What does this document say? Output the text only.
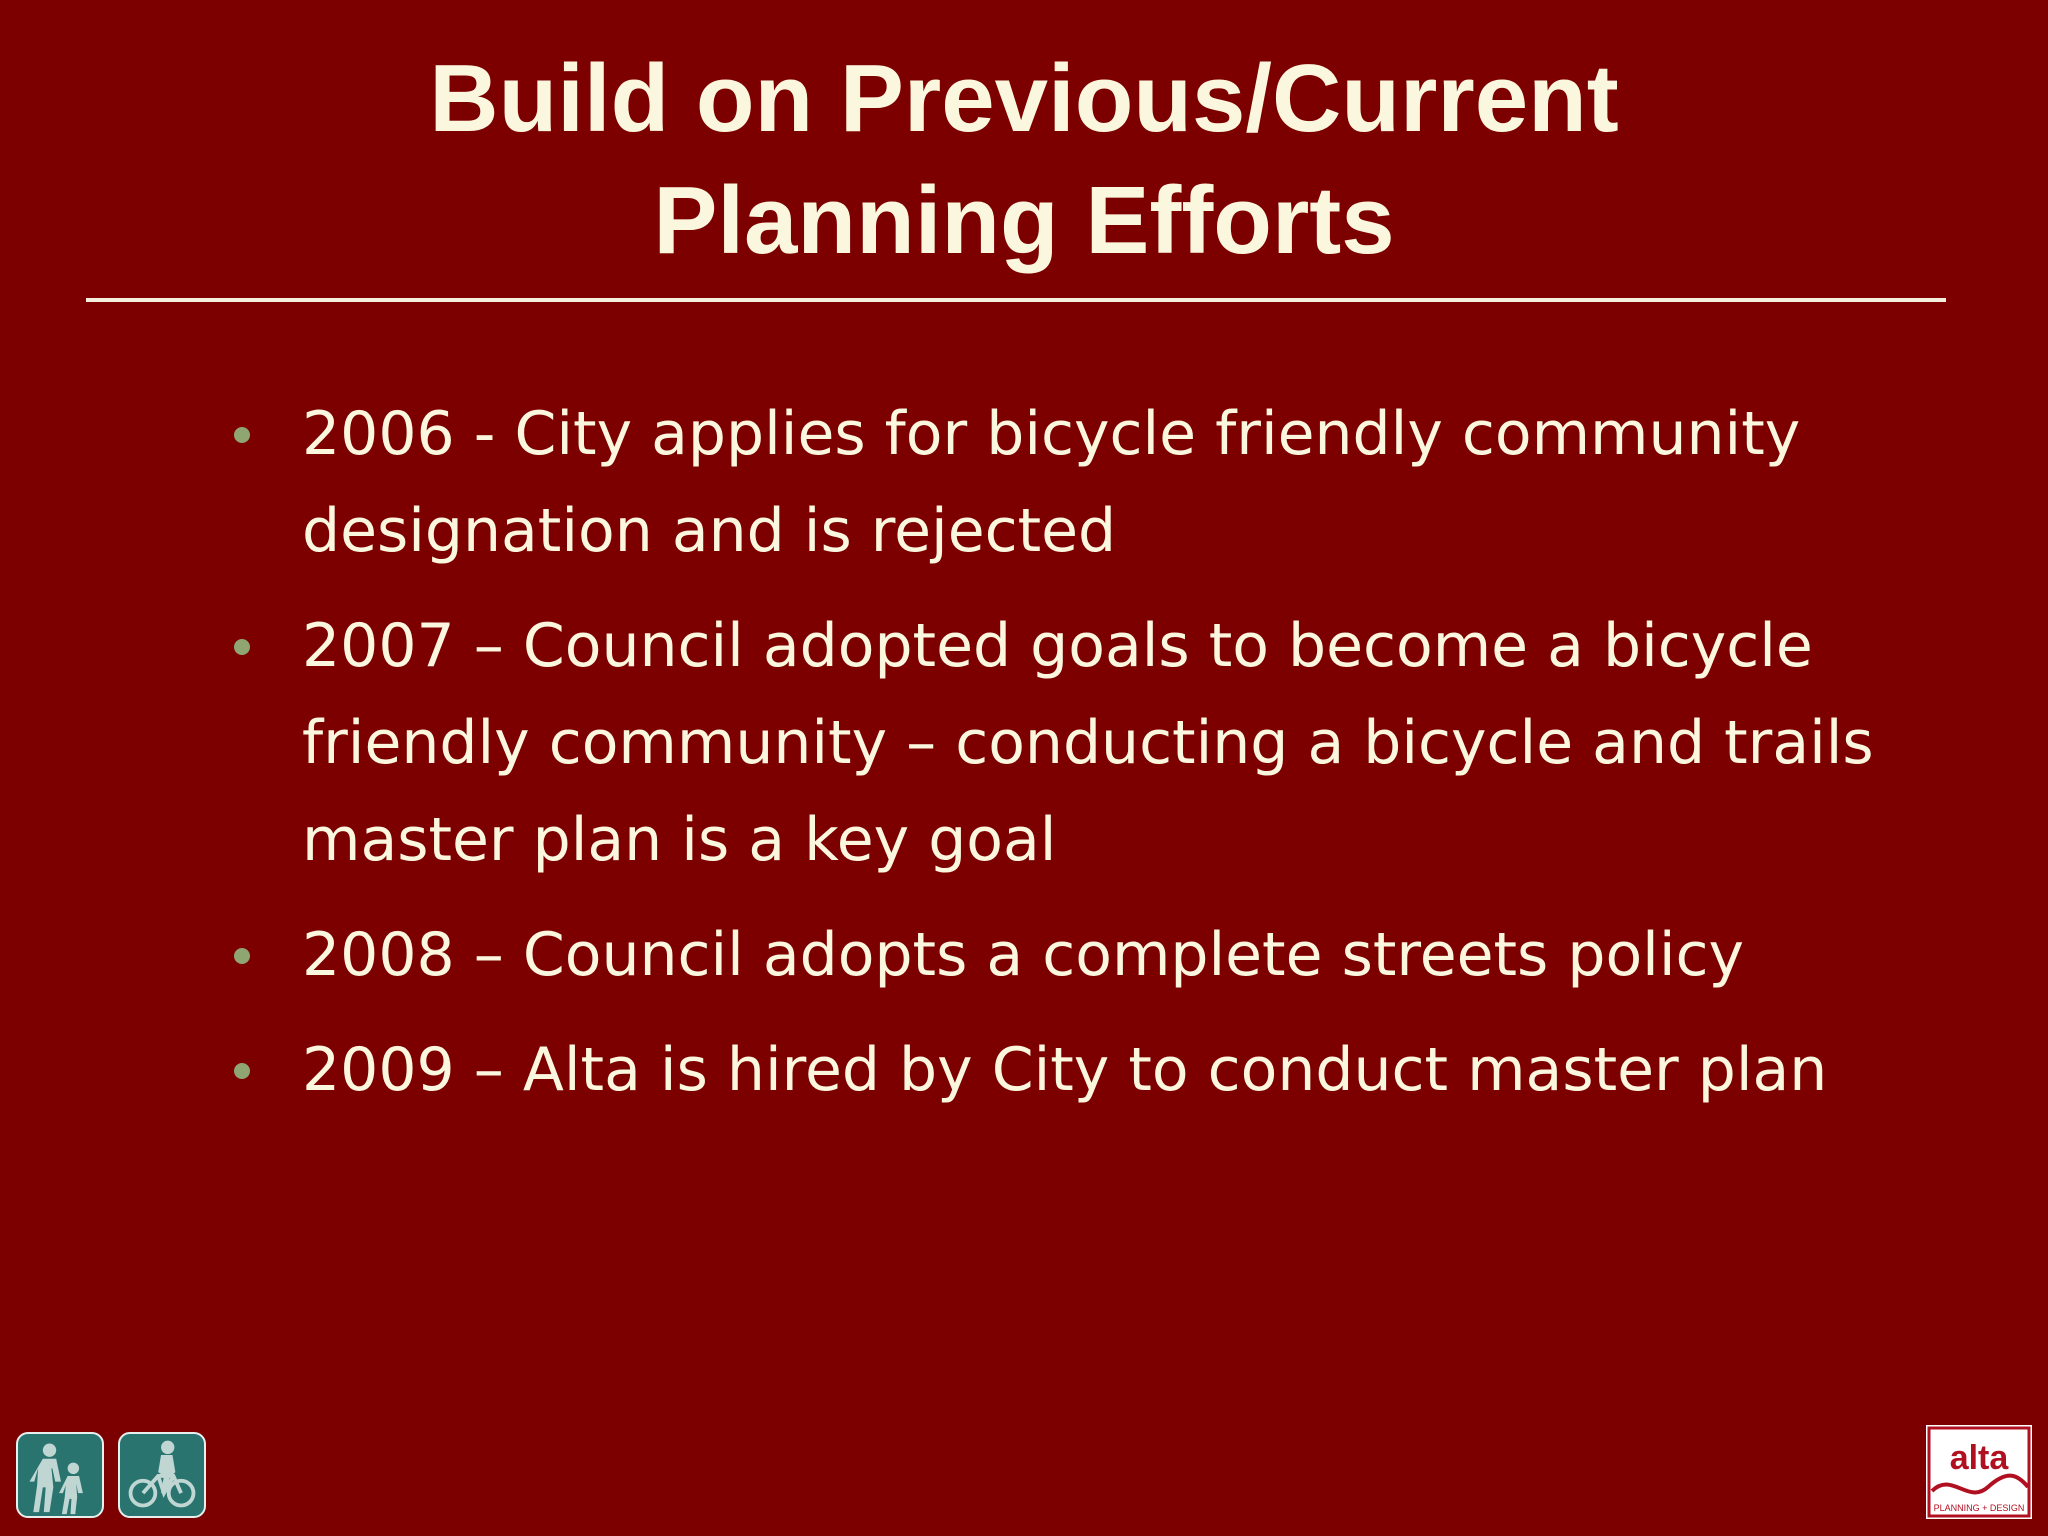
Build on Previous/Current
Planning Efforts
2006 - City applies for bicycle friendly community designation and is rejected
2007 – Council adopted goals to become a bicycle friendly community – conducting a bicycle and trails master plan is a key goal
2008 – Council adopts a complete streets policy
2009 – Alta is hired by City to conduct master plan
alta
PLANNING + DESIGN
